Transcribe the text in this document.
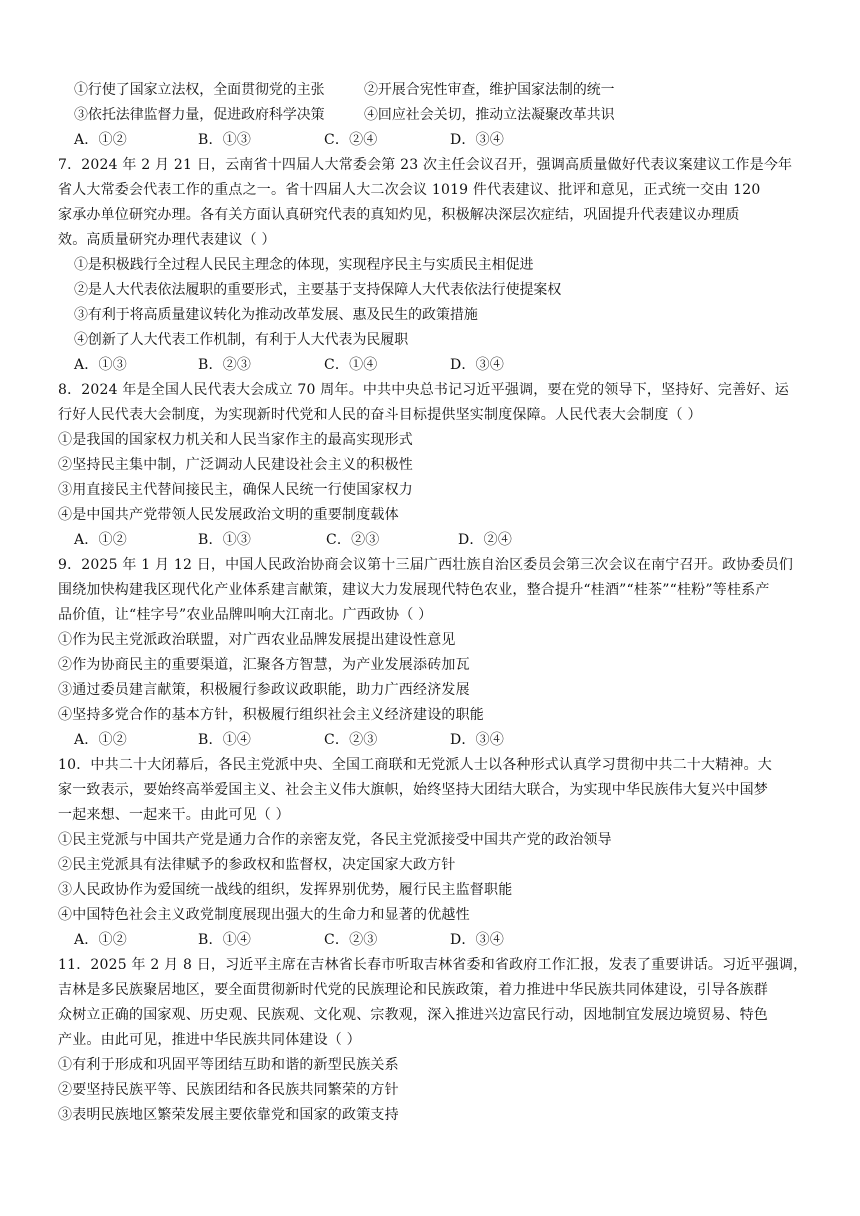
①行使了国家立法权，全面贯彻党的主张	②开展合宪性审查，维护国家法制的统一
③依托法律监督力量，促进政府科学决策	④回应社会关切，推动立法凝聚改革共识
A．①②	B．①③	C．②④	D．③④
7．2024 年 2 月 21 日，云南省十四届人大常委会第 23 次主任会议召开，强调高质量做好代表议案建议工作是今年
省人大常委会代表工作的重点之一。省十四届人大二次会议 1019 件代表建议、批评和意见，正式统一交由 120
家承办单位研究办理。各有关方面认真研究代表的真知灼见，积极解决深层次症结，巩固提升代表建议办理质
效。高质量研究办理代表建议（ ）
①是积极践行全过程人民民主理念的体现，实现程序民主与实质民主相促进
②是人大代表依法履职的重要形式，主要基于支持保障人大代表依法行使提案权
③有利于将高质量建议转化为推动改革发展、惠及民生的政策措施
④创新了人大代表工作机制，有利于人大代表为民履职
A．①③	B．②③	C．①④	D．③④
8．2024 年是全国人民代表大会成立 70 周年。中共中央总书记习近平强调，要在党的领导下，坚持好、完善好、运
行好人民代表大会制度，为实现新时代党和人民的奋斗目标提供坚实制度保障。人民代表大会制度（ ）
①是我国的国家权力机关和人民当家作主的最高实现形式
②坚持民主集中制，广泛调动人民建设社会主义的积极性
③用直接民主代替间接民主，确保人民统一行使国家权力
④是中国共产党带领人民发展政治文明的重要制度载体
A．①②	B．①③	C．②③	D．②④
9．2025 年 1 月 12 日，中国人民政治协商会议第十三届广西壮族自治区委员会第三次会议在南宁召开。政协委员们
围绕加快构建我区现代化产业体系建言献策，建议大力发展现代特色农业，整合提升“桂酒”“桂茶”“桂粉”等桂系产
品价值，让“桂字号”农业品牌叫响大江南北。广西政协（ ）
①作为民主党派政治联盟，对广西农业品牌发展提出建设性意见
②作为协商民主的重要渠道，汇聚各方智慧，为产业发展添砖加瓦
③通过委员建言献策，积极履行参政议政职能，助力广西经济发展
④坚持多党合作的基本方针，积极履行组织社会主义经济建设的职能
A．①②	B．①④	C．②③	D．③④
10．中共二十大闭幕后，各民主党派中央、全国工商联和无党派人士以各种形式认真学习贯彻中共二十大精神。大
家一致表示，要始终高举爱国主义、社会主义伟大旗帜，始终坚持大团结大联合，为实现中华民族伟大复兴中国梦
一起来想、一起来干。由此可见（ ）
①民主党派与中国共产党是通力合作的亲密友党，各民主党派接受中国共产党的政治领导
②民主党派具有法律赋予的参政权和监督权，决定国家大政方针
③人民政协作为爱国统一战线的组织，发挥界别优势，履行民主监督职能
④中国特色社会主义政党制度展现出强大的生命力和显著的优越性
A．①②	B．①④	C．②③	D．③④
11．2025 年 2 月 8 日，习近平主席在吉林省长春市听取吉林省委和省政府工作汇报，发表了重要讲话。习近平强调，
吉林是多民族聚居地区，要全面贯彻新时代党的民族理论和民族政策，着力推进中华民族共同体建设，引导各族群
众树立正确的国家观、历史观、民族观、文化观、宗教观，深入推进兴边富民行动，因地制宜发展边境贸易、特色
产业。由此可见，推进中华民族共同体建设（ ）
①有利于形成和巩固平等团结互助和谐的新型民族关系
②要坚持民族平等、民族团结和各民族共同繁荣的方针
③表明民族地区繁荣发展主要依靠党和国家的政策支持
